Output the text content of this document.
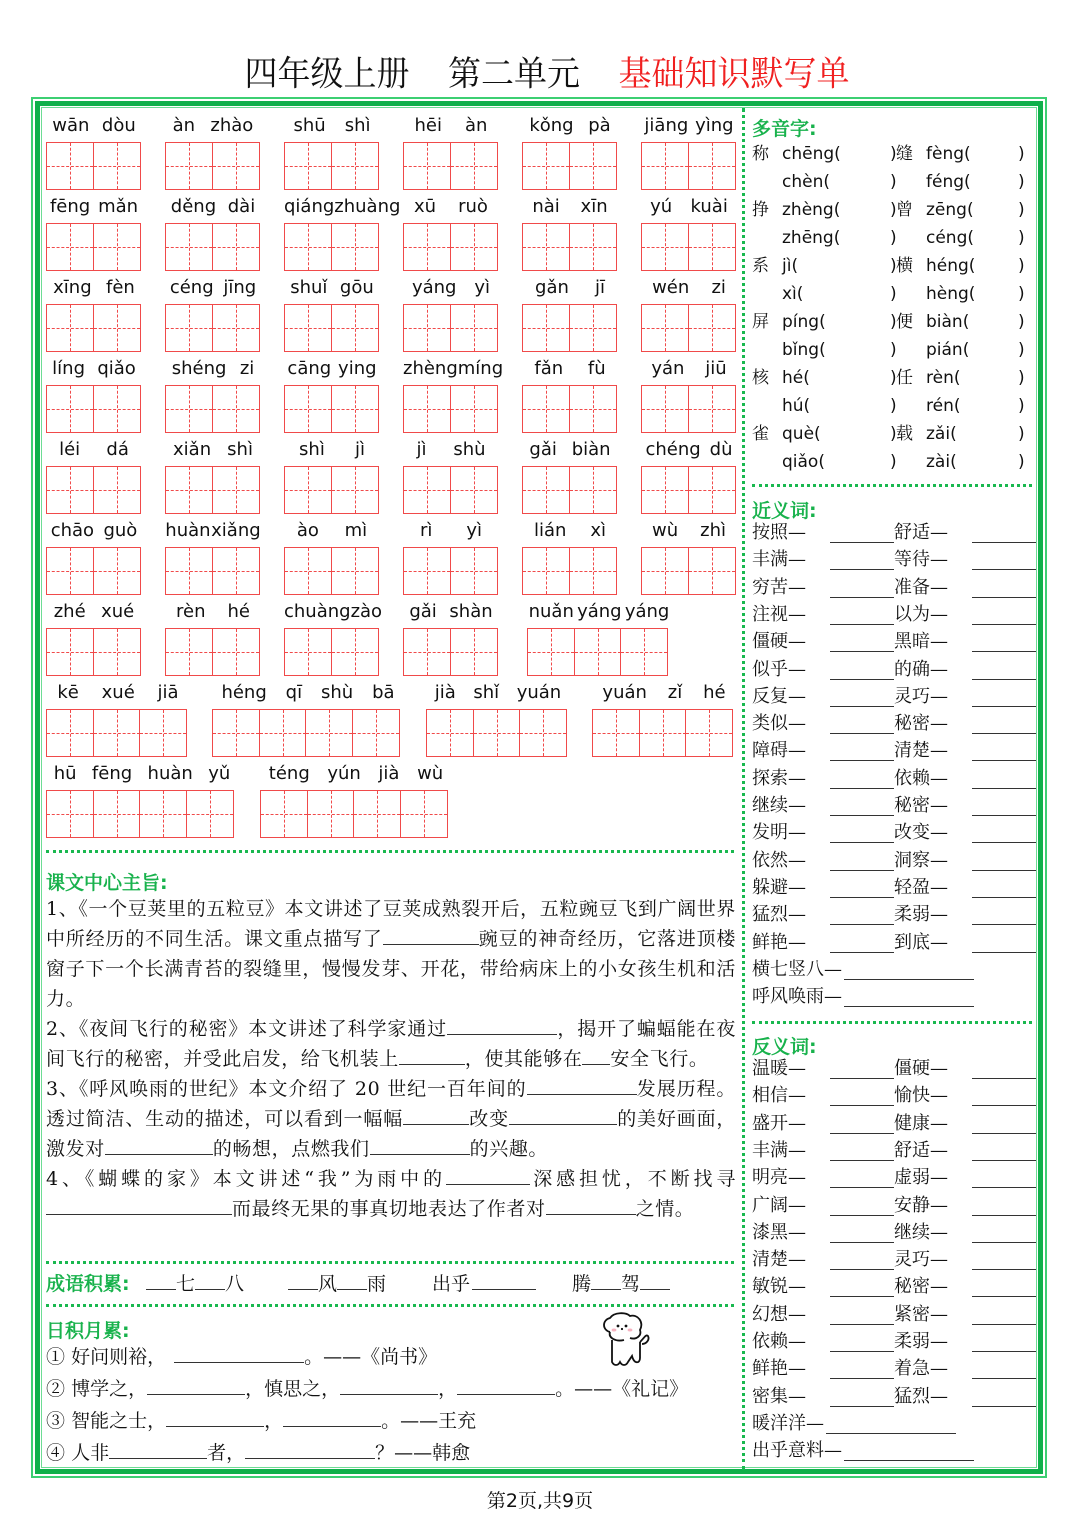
四年级上册 第二单元 基础知识默写单
wān dòu àn zhào shū shì hēi àn kǒng pà jiāng yìng
fēng mǎn děng dài qiáng zhuàng xū ruò nài xīn yú kuài
xīng fèn céng jīng shuǐ gōu yáng yì gǎn jī	wén zi
líng qiǎo shéng zi cāng ying zhèng míng fǎn fù	yán jiū
léi dá xiǎn shì	shì jì	jì shù gǎi biàn chéng dù
chāo guò huàn xiǎng ào mì	rì yì	lián xì	wù zhì
zhé xué rèn hé chuàng zào gǎi shàn nuǎn yáng yáng
kē xué jiā héng qī shù bā jià shǐ yuán yuán zǐ hé
hū fēng huàn yǔ téng yún jià wù
课文中心主旨:
1、《一个豆荚里的五粒豆》本文讲述了豆荚成熟裂开后，五粒豌豆飞到广阔世界中所经历的不同生活。课文重点描写了	豌豆的神奇经历，它落进顶楼窗子下一个长满青苔的裂缝里，慢慢发芽、开花，带给病床上的小女孩生机和活力。
2、《夜间飞行的秘密》本文讲述了科学家通过	，揭开了蝙蝠能在夜间飞行的秘密，并受此启发，给飞机装上	，使其能够在 安全飞行。
3、《呼风唤雨的世纪》本文介绍了 20 世纪一百年间的	发展历程。透过简洁、生动的描述，可以看到一幅幅	改变	的美好画面，激发对	的畅想，点燃我们	的兴趣。
4、《蝴蝶的家》本文讲述“我”为雨中的	深感担忧，不断找寻而最终无果的事真切地表达了作者对	之情。
成语积累:	七 八	风 雨 出乎	腾 驾
日积月累:
① 好问则裕，	。——《尚书》
② 博学之，	，慎思之，	，	。——《礼记》
③ 智能之士，	，	。——王充
④ 人非	者，	？——韩愈
多音字:
称 chēng(	) 缝 fèng(	)
chèn(	) féng(	)
挣 zhèng(	) 曾 zēng(	)
zhēng(	) céng(	)
系 jì(	) 横 héng(	)
xì(	) hèng(	)
屏 píng(	) 便 biàn(	)
bǐng(	) pián(	)
核 hé(	) 任 rèn(	)
hú(	) rén(	)
雀 què(	) 载 zǎi(	)
qiǎo(	) zài(	)
近义词:
按照—	舒适—
丰满—	等待—
穷苦—	准备—
注视—	以为—
僵硬—	黑暗—
似乎—	的确—
反复—	灵巧—
类似—	秘密—
障碍—	清楚—
探索—	依赖—
继续—	秘密—
发明—	改变—
依然—	洞察—
躲避—	轻盈—
猛烈—	柔弱—
鲜艳—	到底—
横七竖八—
呼风唤雨—
反义词:
温暖—	僵硬—
相信—	愉快—
盛开—	健康—
丰满—	舒适—
明亮—	虚弱—
广阔—	安静—
漆黑—	继续—
清楚—	灵巧—
敏锐—	秘密—
幻想—	紧密—
依赖—	柔弱—
鲜艳—	着急—
密集—	猛烈—
暖洋洋—
出乎意料—
第2页,共9页
